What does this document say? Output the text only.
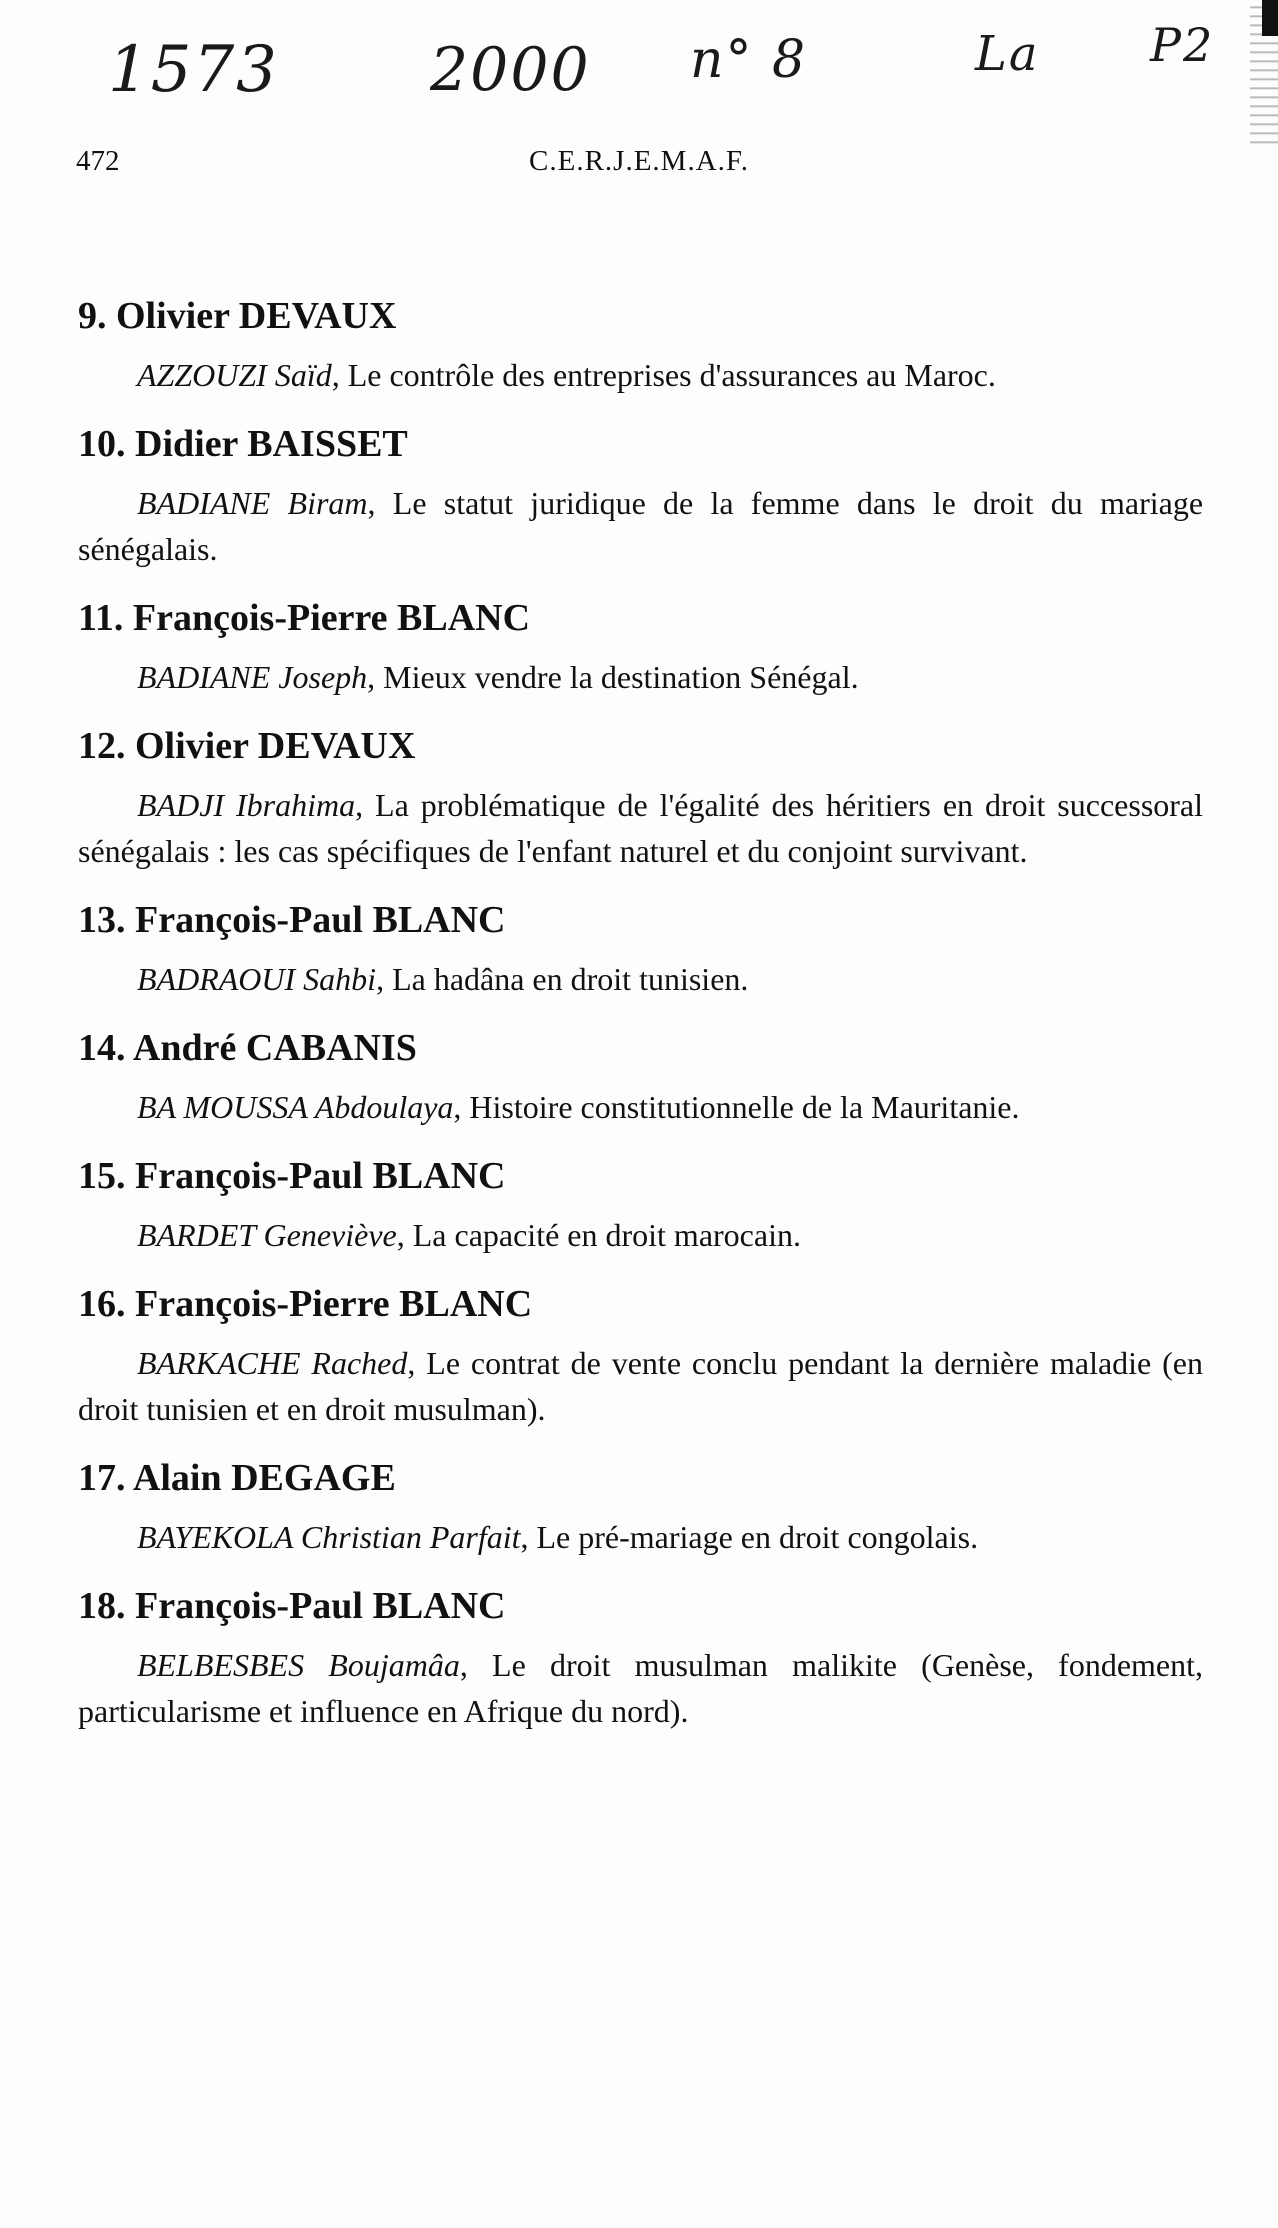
1573	2000 n° 8	La P2
472	C.E.R.J.E.M.A.F.
9. Olivier DEVAUX
AZZOUZI Saïd, Le contrôle des entreprises d'assurances au Maroc.
10. Didier BAISSET
BADIANE Biram, Le statut juridique de la femme dans le droit du mariage sénégalais.
11. François-Pierre BLANC
BADIANE Joseph, Mieux vendre la destination Sénégal.
12. Olivier DEVAUX
BADJI Ibrahima, La problématique de l'égalité des héritiers en droit successoral sénégalais : les cas spécifiques de l'enfant naturel et du conjoint survivant.
13. François-Paul BLANC
BADRAOUI Sahbi, La hadâna en droit tunisien.
14. André CABANIS
BA MOUSSA Abdoulaya, Histoire constitutionnelle de la Mauritanie.
15. François-Paul BLANC
BARDET Geneviève, La capacité en droit marocain.
16. François-Pierre BLANC
BARKACHE Rached, Le contrat de vente conclu pendant la dernière maladie (en droit tunisien et en droit musulman).
17. Alain DEGAGE
BAYEKOLA Christian Parfait, Le pré-mariage en droit congolais.
18. François-Paul BLANC
BELBESBES Boujamâa, Le droit musulman malikite (Genèse, fondement, particularisme et influence en Afrique du nord).
